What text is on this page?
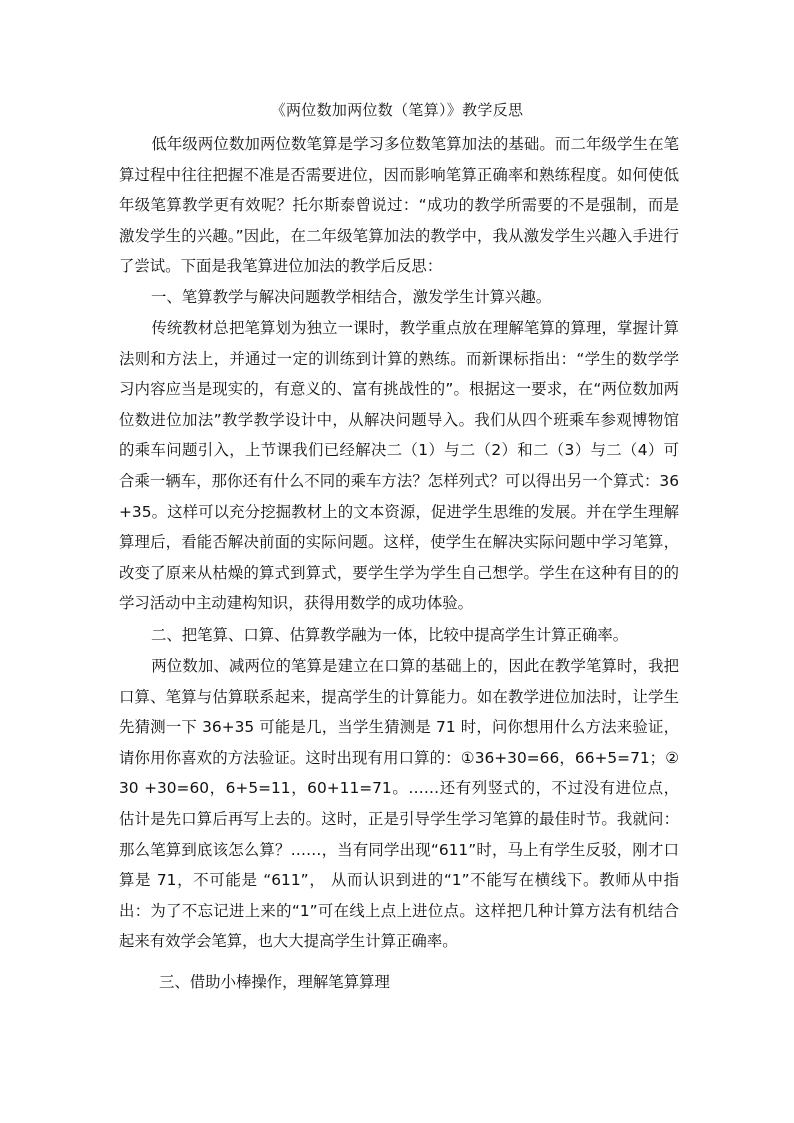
《两位数加两位数（笔算）》教学反思

低年级两位数加两位数笔算是学习多位数笔算加法的基础。而二年级学生在笔算过程中往往把握不准是否需要进位，因而影响笔算正确率和熟练程度。如何使低年级笔算教学更有效呢？托尔斯泰曾说过：“成功的教学所需要的不是强制，而是激发学生的兴趣。”因此，在二年级笔算加法的教学中，我从激发学生兴趣入手进行了尝试。下面是我笔算进位加法的教学后反思：

一、笔算教学与解决问题教学相结合，激发学生计算兴趣。

传统教材总把笔算划为独立一课时，教学重点放在理解笔算的算理，掌握计算法则和方法上，并通过一定的训练到计算的熟练。而新课标指出：“学生的数学学习内容应当是现实的，有意义的、富有挑战性的”。根据这一要求，在“两位数加两位数进位加法”教学教学设计中，从解决问题导入。我们从四个班乘车参观博物馆的乘车问题引入，上节课我们已经解决二（1）与二（2）和二（3）与二（4）可合乘一辆车，那你还有什么不同的乘车方法？怎样列式？可以得出另一个算式：36+35。这样可以充分挖掘教材上的文本资源，促进学生思维的发展。并在学生理解算理后，看能否解决前面的实际问题。这样，使学生在解决实际问题中学习笔算，改变了原来从枯燥的算式到算式，要学生学为学生自己想学。学生在这种有目的的学习活动中主动建构知识，获得用数学的成功体验。

二、把笔算、口算、估算教学融为一体，比较中提高学生计算正确率。

两位数加、减两位的笔算是建立在口算的基础上的，因此在教学笔算时，我把口算、笔算与估算联系起来，提高学生的计算能力。如在教学进位加法时，让学生先猜测一下 36+35 可能是几，当学生猜测是 71 时，问你想用什么方法来验证，请你用你喜欢的方法验证。这时出现有用口算的：①36+30=66，66+5=71；②30 +30=60，6+5=11，60+11=71。……还有列竖式的，不过没有进位点，估计是先口算后再写上去的。这时，正是引导学生学习笔算的最佳时节。我就问：那么笔算到底该怎么算？……，当有同学出现“611”时，马上有学生反驳，刚才口算是 71，不可能是 “611”， 从而认识到进的“1”不能写在横线下。教师从中指出：为了不忘记进上来的“1”可在线上点上进位点。这样把几种计算方法有机结合起来有效学会笔算，也大大提高学生计算正确率。

三、借助小棒操作，理解笔算算理
